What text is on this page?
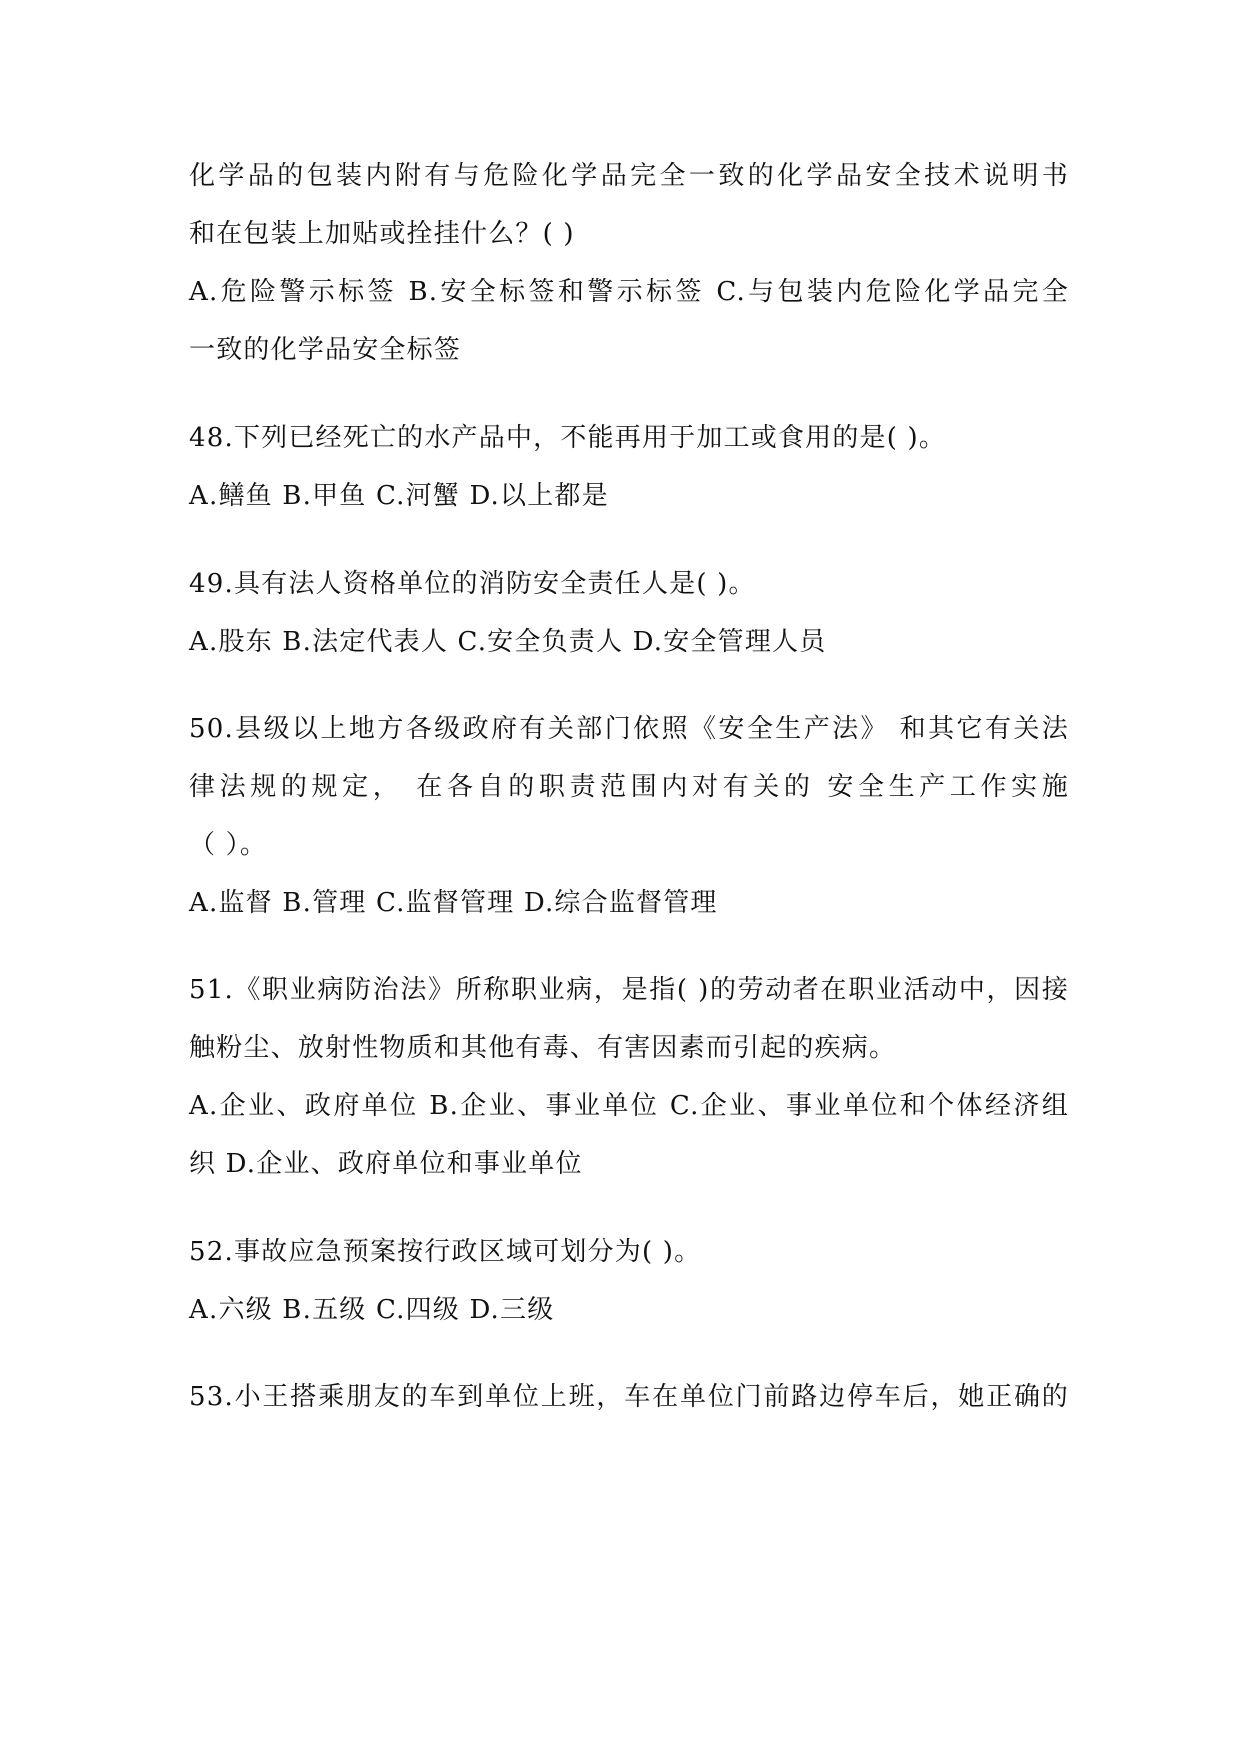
化学品的包装内附有与危险化学品完全一致的化学品安全技术说明书
和在包装上加贴或拴挂什么？( )
A.危险警示标签 B.安全标签和警示标签 C.与包装内危险化学品完全
一致的化学品安全标签
48.下列已经死亡的水产品中，不能再用于加工或食用的是( )。
A.鳝鱼 B.甲鱼 C.河蟹 D.以上都是
49.具有法人资格单位的消防安全责任人是( )。
A.股东 B.法定代表人 C.安全负责人 D.安全管理人员
50.县级以上地方各级政府有关部门依照《安全生产法》 和其它有关法
律法规的规定， 在各自的职责范围内对有关的 安全生产工作实施
（ ）。
A.监督 B.管理 C.监督管理 D.综合监督管理
51.《职业病防治法》所称职业病，是指( )的劳动者在职业活动中，因接
触粉尘、放射性物质和其他有毒、有害因素而引起的疾病。
A.企业、政府单位 B.企业、事业单位 C.企业、事业单位和个体经济组
织 D.企业、政府单位和事业单位
52.事故应急预案按行政区域可划分为( )。
A.六级 B.五级 C.四级 D.三级
53.小王搭乘朋友的车到单位上班，车在单位门前路边停车后，她正确的
